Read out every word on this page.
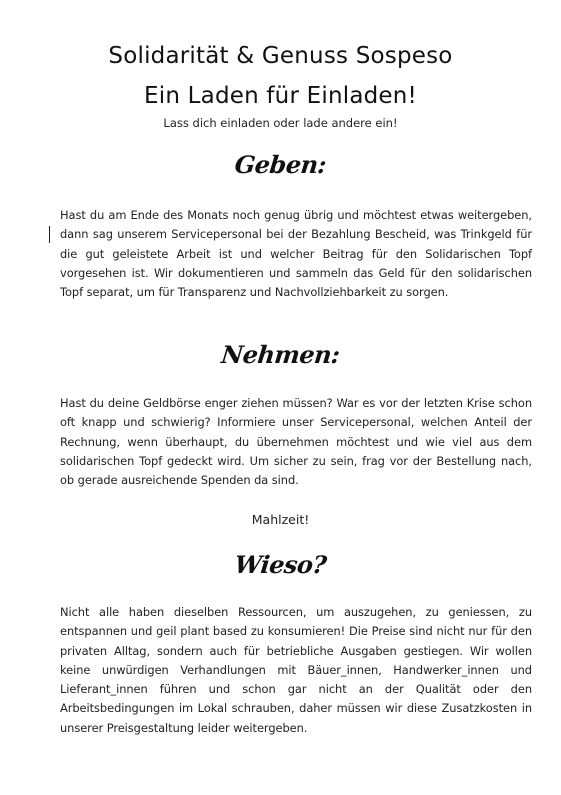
Solidarität & Genuss Sospeso
Ein Laden für Einladen!
Lass dich einladen oder lade andere ein!
Geben:
Hast du am Ende des Monats noch genug übrig und möchtest etwas weitergeben, dann sag unserem Servicepersonal bei der Bezahlung Bescheid, was Trinkgeld für die gut geleistete Arbeit ist und welcher Beitrag für den Solidarischen Topf vorgesehen ist. Wir dokumentieren und sammeln das Geld für den solidarischen Topf separat, um für Transparenz und Nachvollziehbarkeit zu sorgen.
Nehmen:
Hast du deine Geldbörse enger ziehen müssen? War es vor der letzten Krise schon oft knapp und schwierig? Informiere unser Servicepersonal, welchen Anteil der Rechnung, wenn überhaupt, du übernehmen möchtest und wie viel aus dem solidarischen Topf gedeckt wird. Um sicher zu sein, frag vor der Bestellung nach, ob gerade ausreichende Spenden da sind.
Mahlzeit!
Wieso?
Nicht alle haben dieselben Ressourcen, um auszugehen, zu geniessen, zu entspannen und geil plant based zu konsumieren! Die Preise sind nicht nur für den privaten Alltag, sondern auch für betriebliche Ausgaben gestiegen. Wir wollen keine unwürdigen Verhandlungen mit Bäuer_innen, Handwerker_innen und Lieferant_innen führen und schon gar nicht an der Qualität oder den Arbeitsbedingungen im Lokal schrauben, daher müssen wir diese Zusatzkosten in unserer Preisgestaltung leider weitergeben.
